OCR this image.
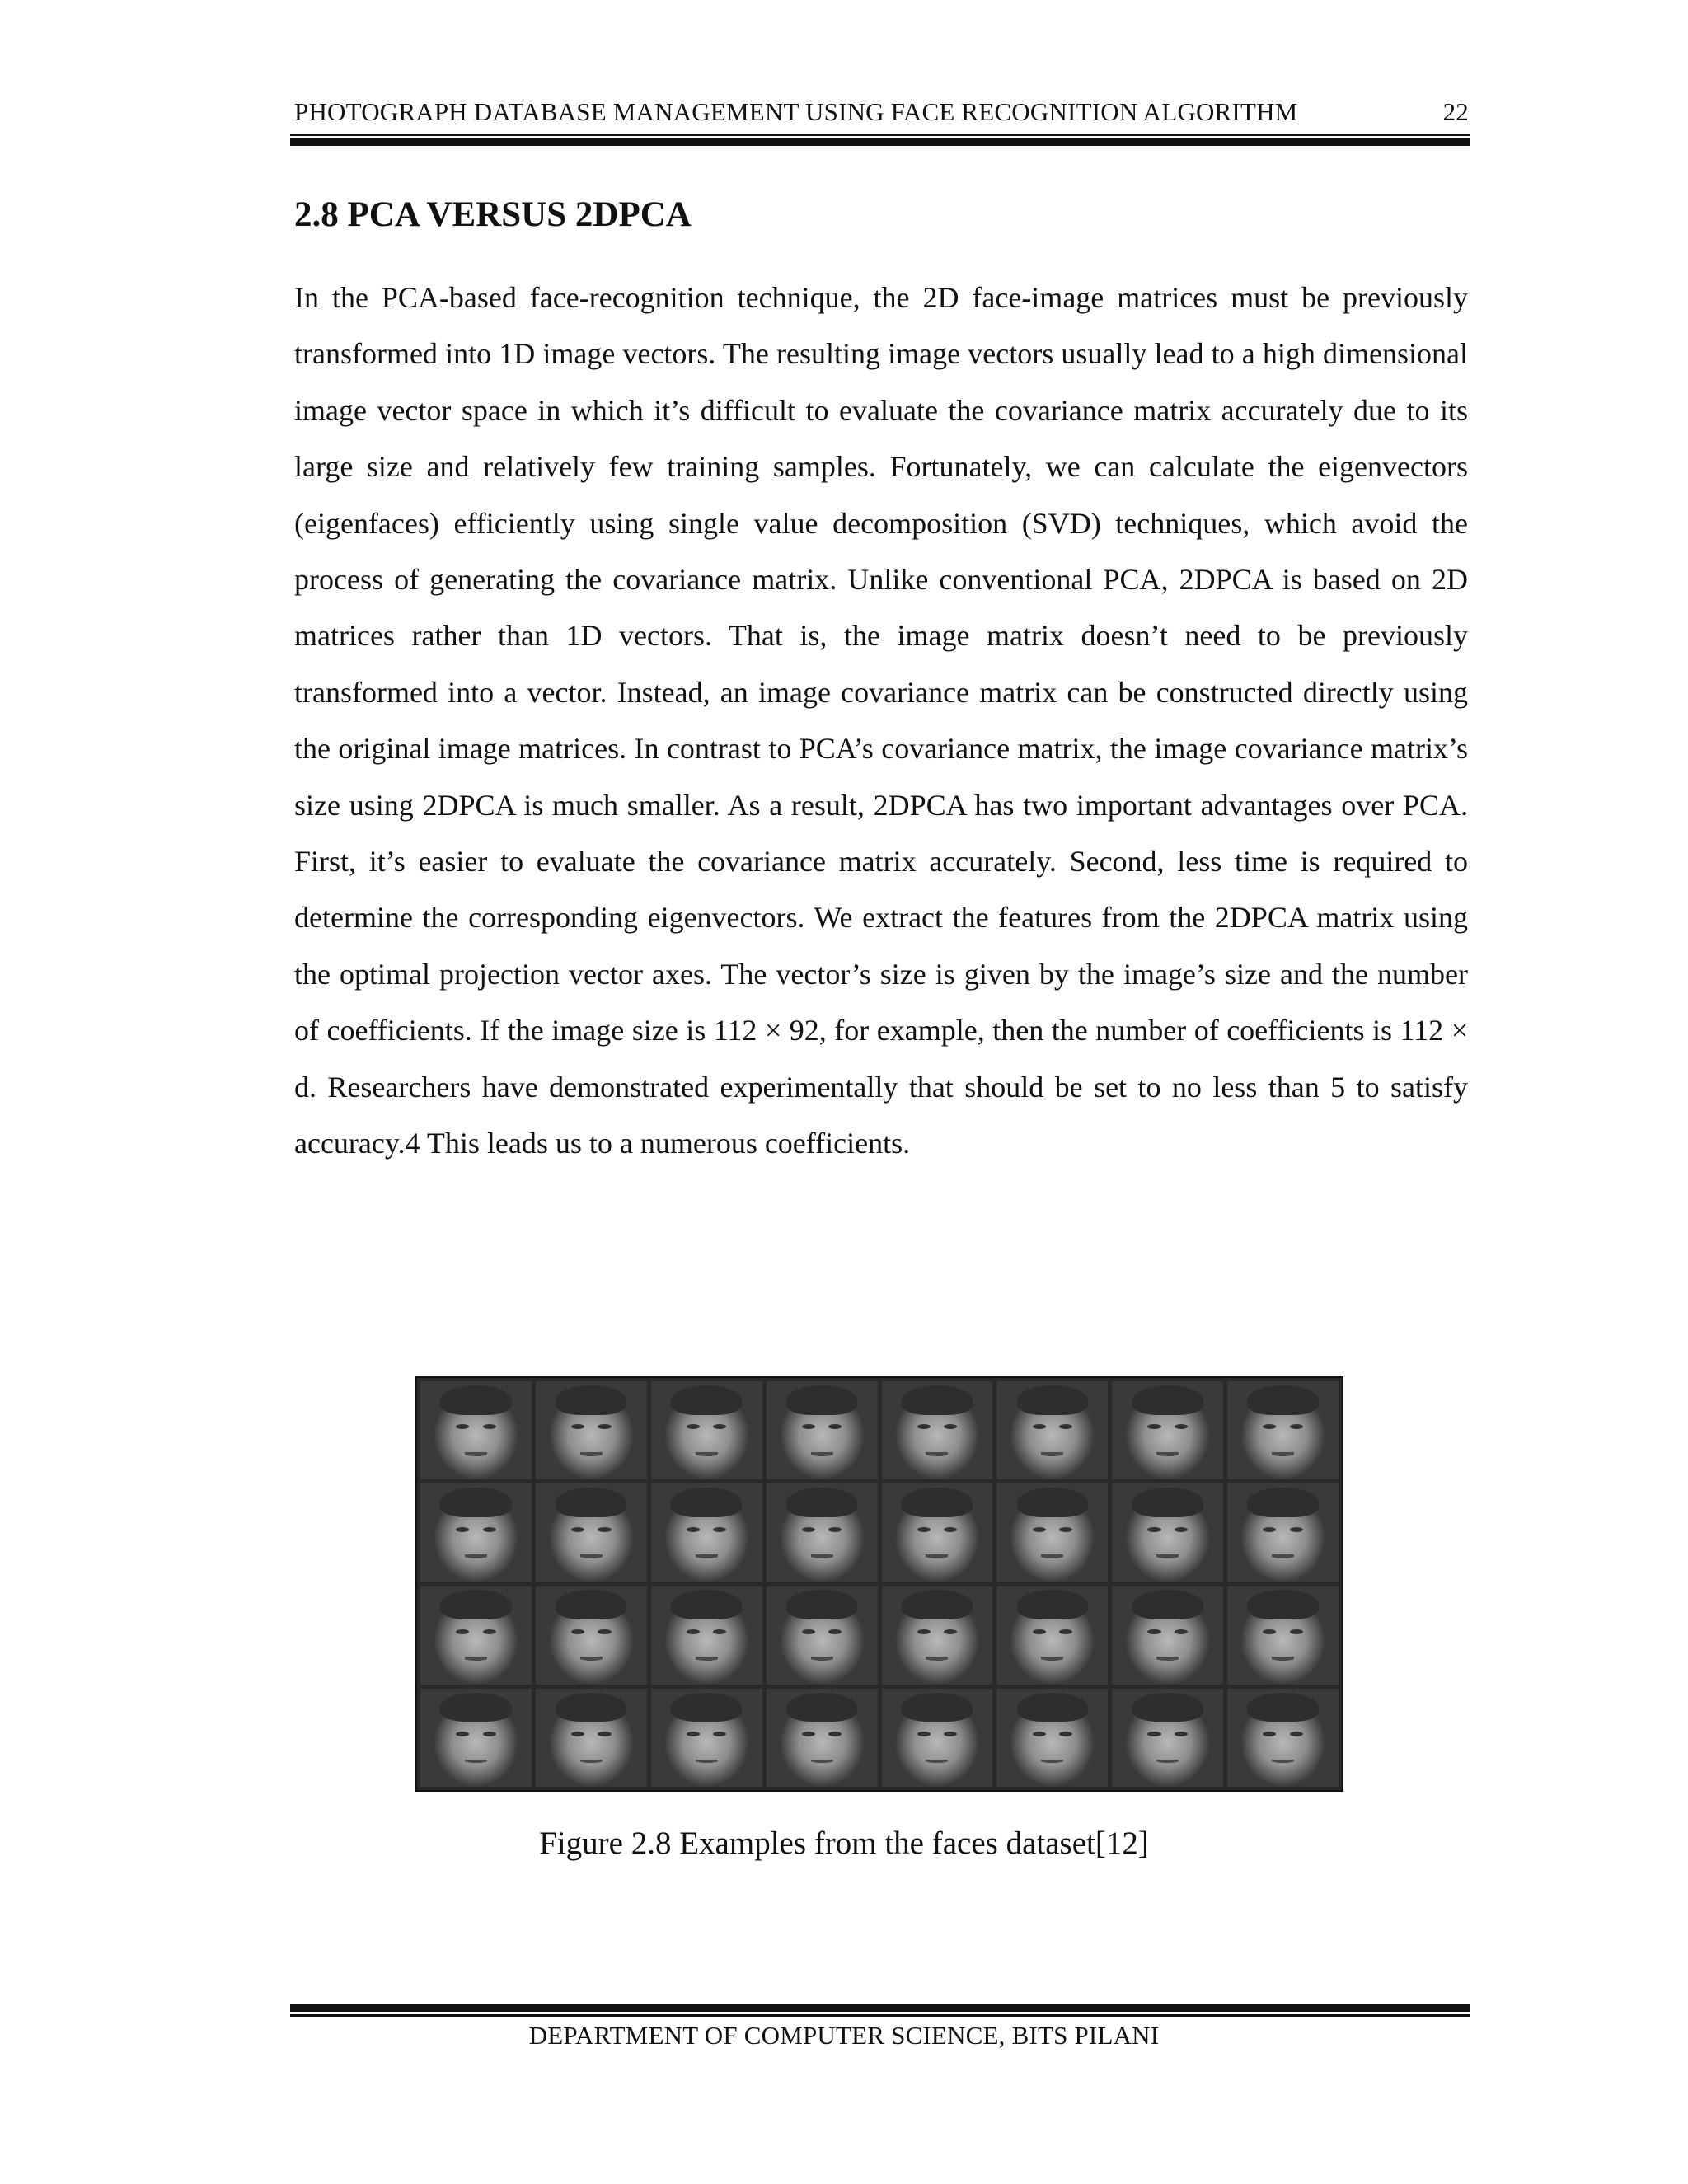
PHOTOGRAPH DATABASE MANAGEMENT USING FACE RECOGNITION ALGORITHM	22
2.8 PCA VERSUS 2DPCA

In the PCA-based face-recognition technique, the 2D face-image matrices must be previously transformed into 1D image vectors. The resulting image vectors usually lead to a high dimensional image vector space in which it’s difficult to evaluate the covariance matrix accurately due to its large size and relatively few training samples. Fortunately, we can calculate the eigenvectors (eigenfaces) efficiently using single value decomposition (SVD) techniques, which avoid the process of generating the covariance matrix. Unlike conventional PCA, 2DPCA is based on 2D matrices rather than 1D vectors. That is, the image matrix doesn’t need to be previously transformed into a vector. Instead, an image covariance matrix can be constructed directly using the original image matrices. In contrast to PCA’s covariance matrix, the image covariance matrix’s size using 2DPCA is much smaller. As a result, 2DPCA has two important advantages over PCA. First, it’s easier to evaluate the covariance matrix accurately. Second, less time is required to determine the corresponding eigenvectors. We extract the features from the 2DPCA matrix using the optimal projection vector axes. The vector’s size is given by the image’s size and the number of coefficients. If the image size is 112 × 92, for example, then the number of coefficients is 112 × d. Researchers have demonstrated experimentally that should be set to no less than 5 to satisfy accuracy.4 This leads us to a numerous coefficients.

Figure 2.8 Examples from the faces dataset[12]

DEPARTMENT OF COMPUTER SCIENCE, BITS PILANI
